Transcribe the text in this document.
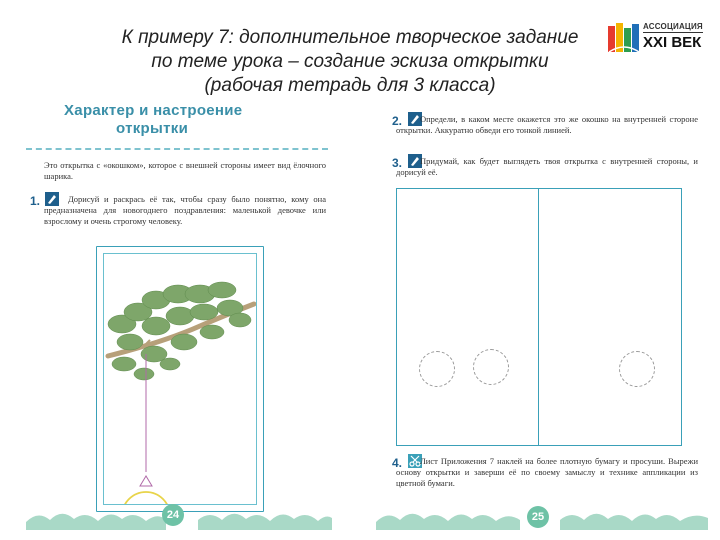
К примеру 7: дополнительное творческое задание
по теме урока – создание эскиза открытки
(рабочая тетрадь для 3 класса)
АССОЦИАЦИЯ
XXI ВЕК
Характер и настроение
открытки
Это открытка с «окошком», которое с внешней стороны имеет вид ёлочного шарика.
1.	Дорисуй и раскрась её так, чтобы сразу было понятно, кому она предназначена для новогоднего поздравления: маленькой девочке или взрослому и очень строгому человеку.
24
2.	Определи, в каком месте окажется это же окошко на внутренней стороне открытки. Аккуратно обведи его тонкой линией.
3.	Придумай, как будет выглядеть твоя открытка с внутренней стороны, и дорисуй её.
4.	Лист Приложения 7 наклей на более плотную бумагу и просуши. Вырежи основу открытки и заверши её по своему замыслу и технике аппликации из цветной бумаги.
25
